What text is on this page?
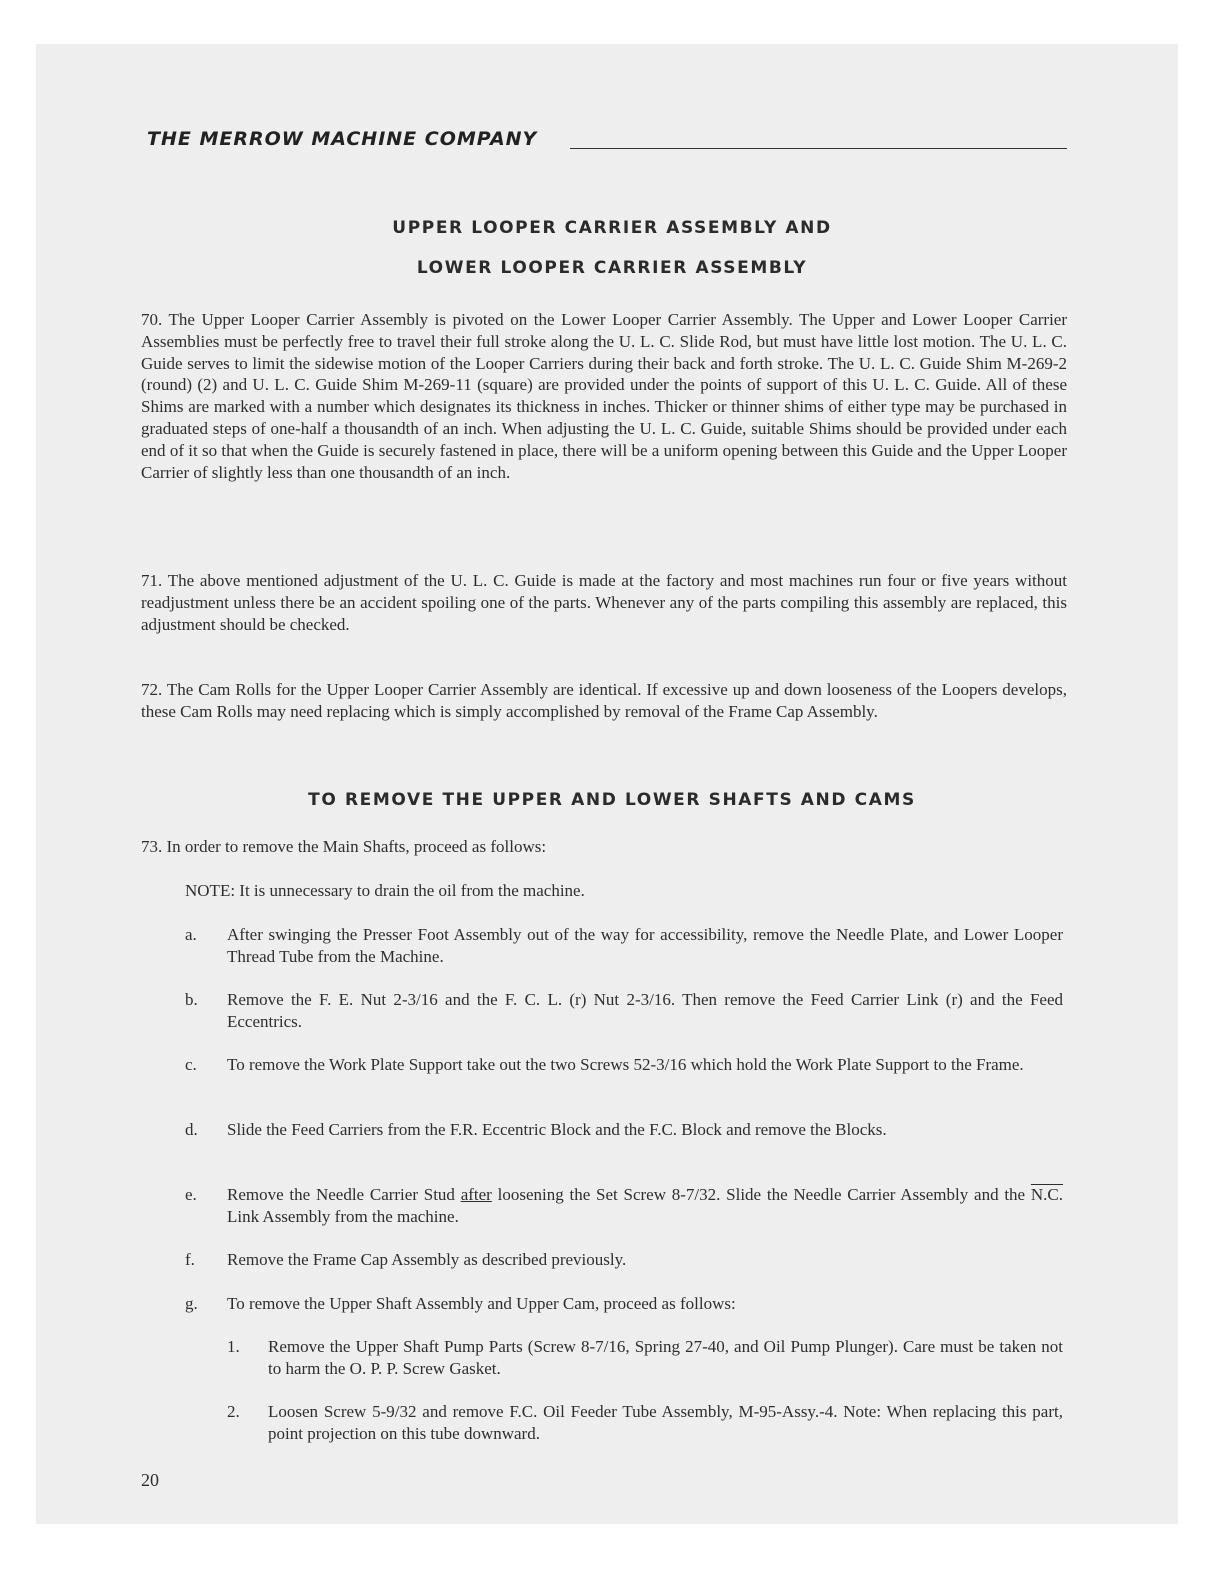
THE MERROW MACHINE COMPANY
UPPER LOOPER CARRIER ASSEMBLY AND
LOWER LOOPER CARRIER ASSEMBLY

70. The Upper Looper Carrier Assembly is pivoted on the Lower Looper Carrier Assembly. The Upper and Lower Looper Carrier Assemblies must be perfectly free to travel their full stroke along the U. L. C. Slide Rod, but must have little lost motion. The U. L. C. Guide serves to limit the sidewise motion of the Looper Carriers during their back and forth stroke. The U. L. C. Guide Shim M-269-2 (round) (2) and U. L. C. Guide Shim M-269-11 (square) are provided under the points of support of this U. L. C. Guide. All of these Shims are marked with a number which designates its thickness in inches. Thicker or thinner shims of either type may be purchased in graduated steps of one-half a thousandth of an inch. When adjusting the U. L. C. Guide, suitable Shims should be provided under each end of it so that when the Guide is securely fastened in place, there will be a uniform opening between this Guide and the Upper Looper Carrier of slightly less than one thousandth of an inch.

71. The above mentioned adjustment of the U. L. C. Guide is made at the factory and most machines run four or five years without readjustment unless there be an accident spoiling one of the parts. Whenever any of the parts compiling this assembly are replaced, this adjustment should be checked.

72. The Cam Rolls for the Upper Looper Carrier Assembly are identical. If excessive up and down looseness of the Loopers develops, these Cam Rolls may need replacing which is simply accomplished by removal of the Frame Cap Assembly.

TO REMOVE THE UPPER AND LOWER SHAFTS AND CAMS
73. In order to remove the Main Shafts, proceed as follows:
NOTE: It is unnecessary to drain the oil from the machine.
a. After swinging the Presser Foot Assembly out of the way for accessibility, remove the Needle Plate, and Lower Looper Thread Tube from the Machine.

b. Remove the F. E. Nut 2-3/16 and the F. C. L. (r) Nut 2-3/16. Then remove the Feed Carrier Link (r) and the Feed Eccentrics.

c. To remove the Work Plate Support take out the two Screws 52-3/16 which hold the Work Plate Support to the Frame.

d. Slide the Feed Carriers from the F.R. Eccentric Block and the F.C. Block and remove the Blocks.

e. Remove the Needle Carrier Stud after loosening the Set Screw 8-7/32. Slide the Needle Carrier Assembly and the N.C. Link Assembly from the machine.

f. Remove the Frame Cap Assembly as described previously.

g. To remove the Upper Shaft Assembly and Upper Cam, proceed as follows:

1. Remove the Upper Shaft Pump Parts (Screw 8-7/16, Spring 27-40, and Oil Pump Plunger). Care must be taken not to harm the O. P. P. Screw Gasket.

2. Loosen Screw 5-9/32 and remove F.C. Oil Feeder Tube Assembly, M-95-Assy.-4. Note: When replacing this part, point projection on this tube downward.

20
